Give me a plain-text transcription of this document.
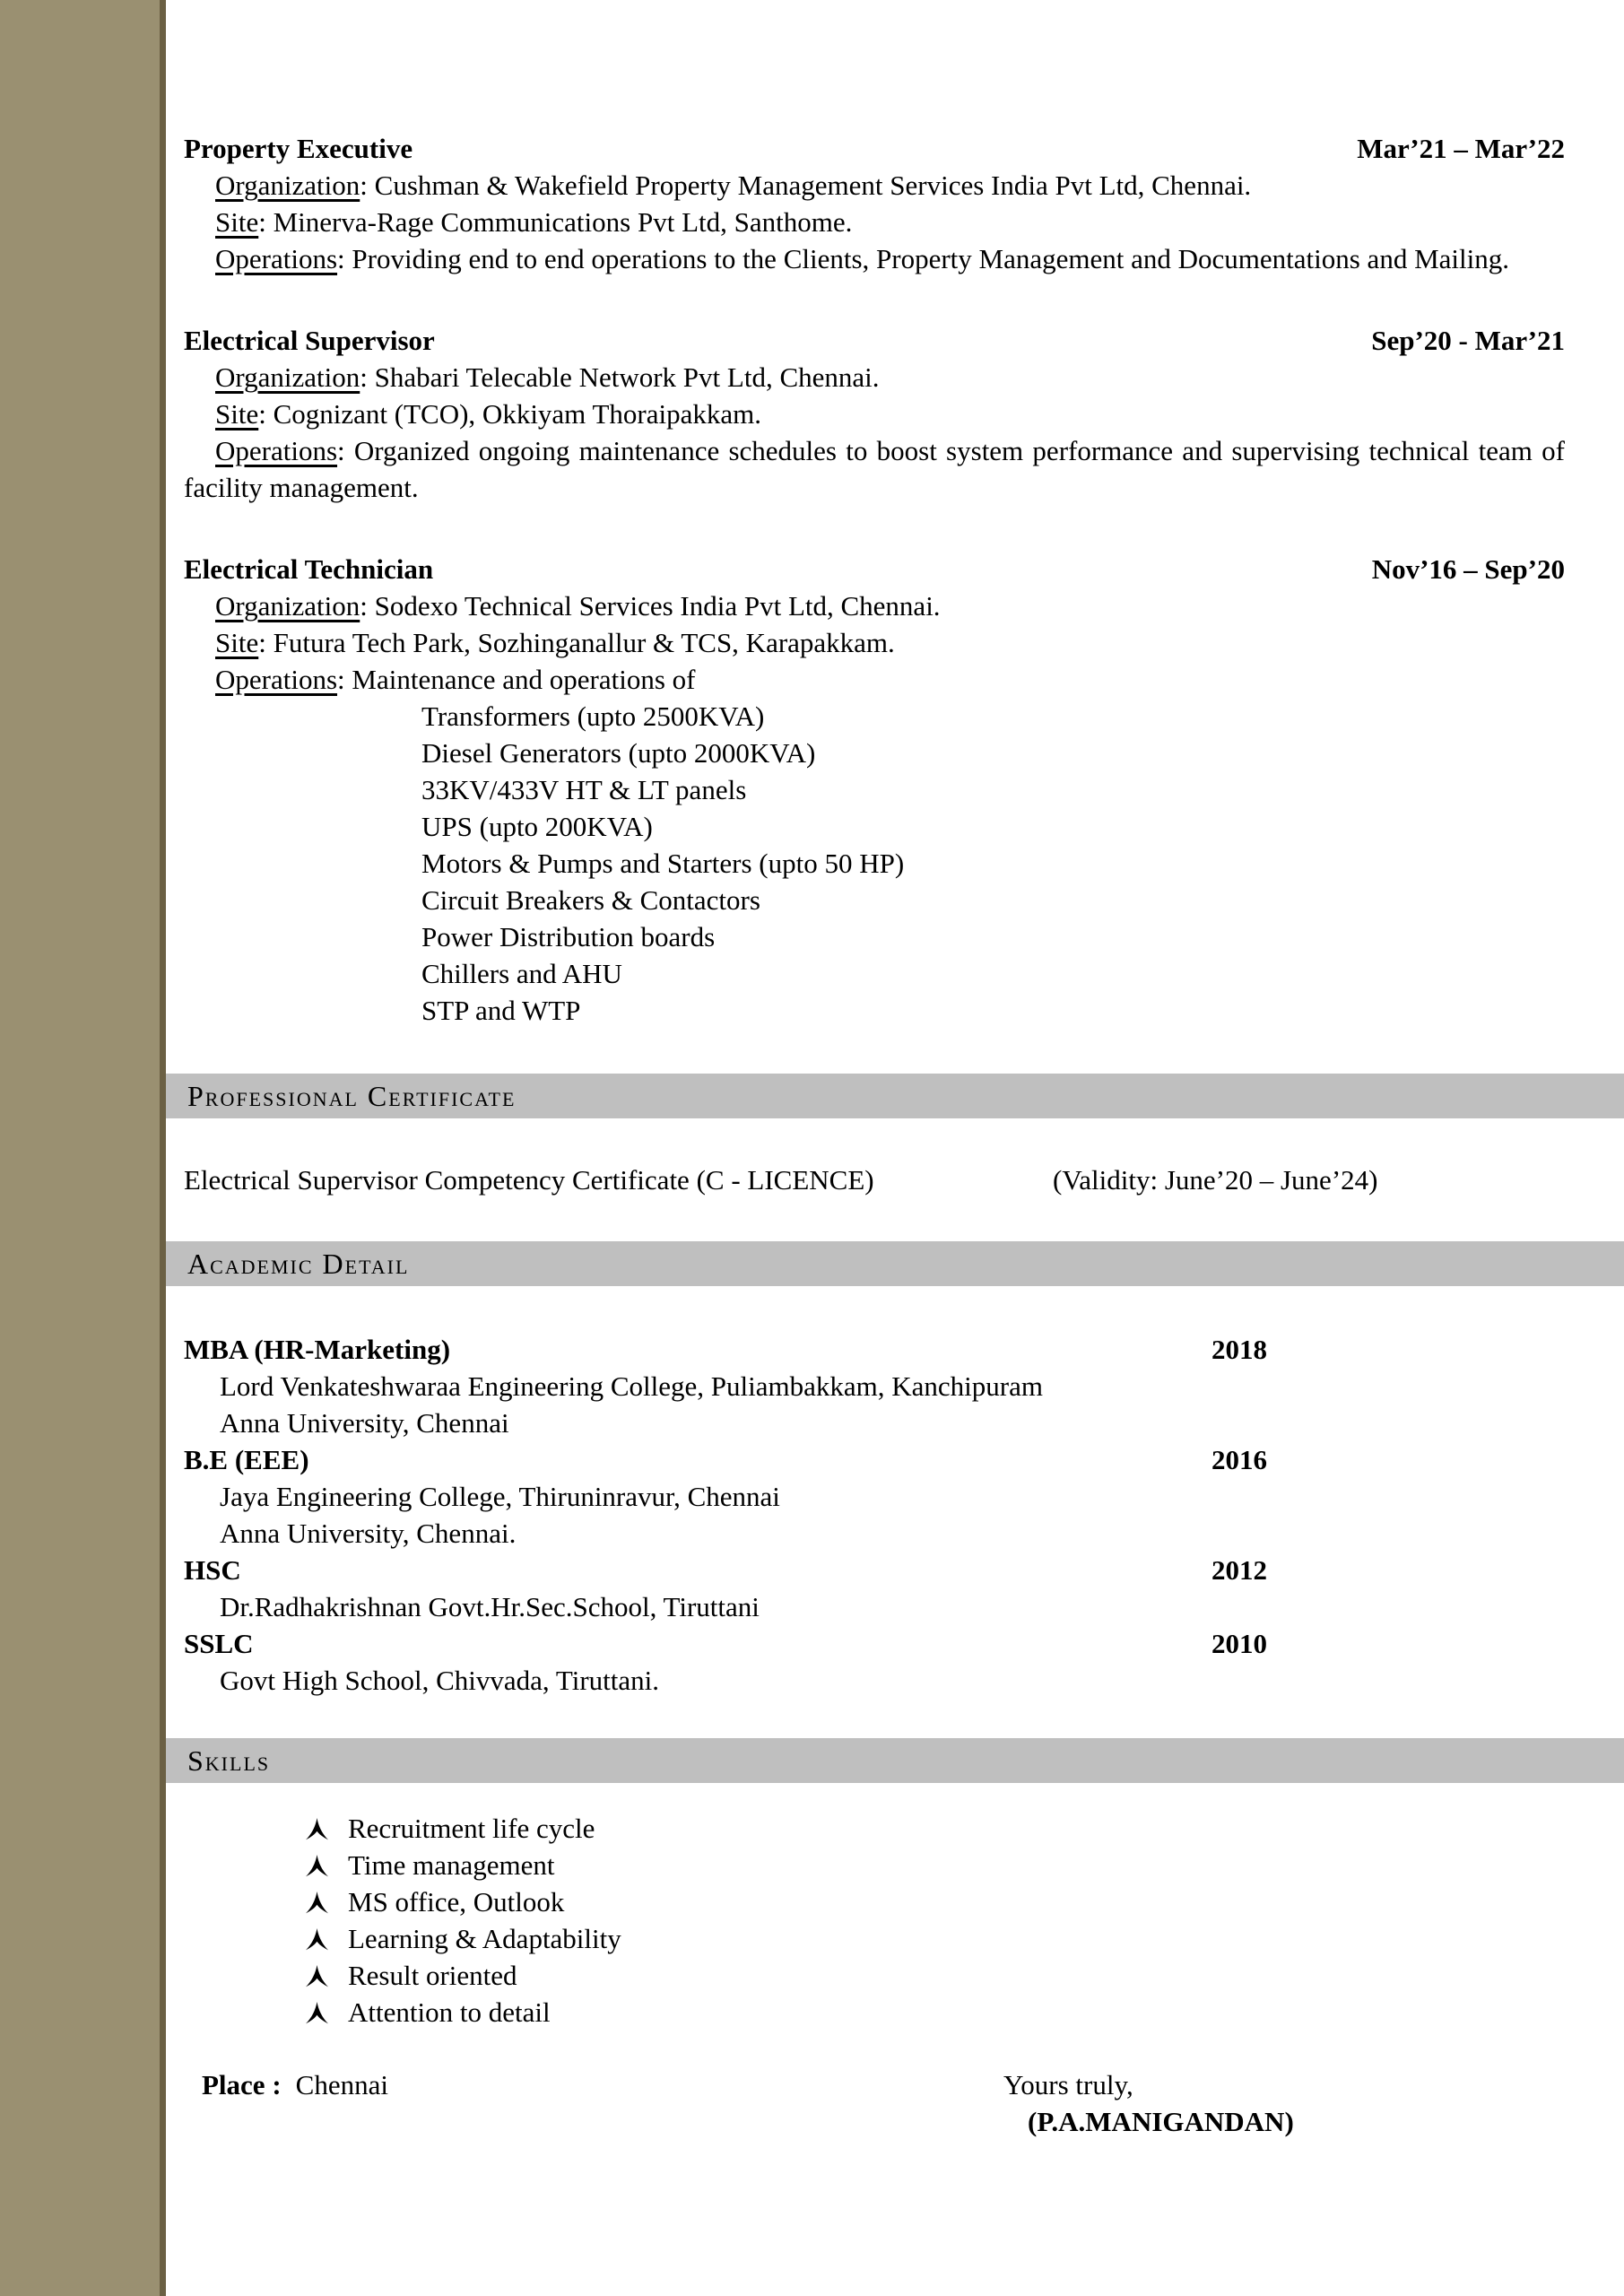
Property Executive	Mar’21 – Mar’22
Organization: Cushman & Wakefield Property Management Services India Pvt Ltd, Chennai.
Site: Minerva-Rage Communications Pvt Ltd, Santhome.
Operations: Providing end to end operations to the Clients, Property Management and Documentations and Mailing.
Electrical Supervisor	Sep’20 - Mar’21
Organization: Shabari Telecable Network Pvt Ltd, Chennai.
Site: Cognizant (TCO), Okkiyam Thoraipakkam.
Operations: Organized ongoing maintenance schedules to boost system performance and supervising technical team of facility management.
Electrical Technician	Nov’16 – Sep’20
Organization: Sodexo Technical Services India Pvt Ltd, Chennai.
Site: Futura Tech Park, Sozhinganallur & TCS, Karapakkam.
Operations: Maintenance and operations of
Transformers (upto 2500KVA)
Diesel Generators (upto 2000KVA)
33KV/433V HT & LT panels
UPS (upto 200KVA)
Motors & Pumps and Starters (upto 50 HP)
Circuit Breakers & Contactors
Power Distribution boards
Chillers and AHU
STP and WTP
Professional Certificate
Electrical Supervisor Competency Certificate (C - LICENCE)	(Validity: June’20 – June’24)
Academic Detail
MBA (HR-Marketing)	2018
Lord Venkateshwaraa Engineering College, Puliambakkam, Kanchipuram
Anna University, Chennai
B.E (EEE)	2016
Jaya Engineering College, Thiruninravur, Chennai
Anna University, Chennai.
HSC	2012
Dr.Radhakrishnan Govt.Hr.Sec.School, Tiruttani
SSLC	2010
Govt High School, Chivvada, Tiruttani.
Skills
Recruitment life cycle
Time management
MS office, Outlook
Learning & Adaptability
Result oriented
Attention to detail
Place : Chennai	Yours truly,
(P.A.MANIGANDAN)
